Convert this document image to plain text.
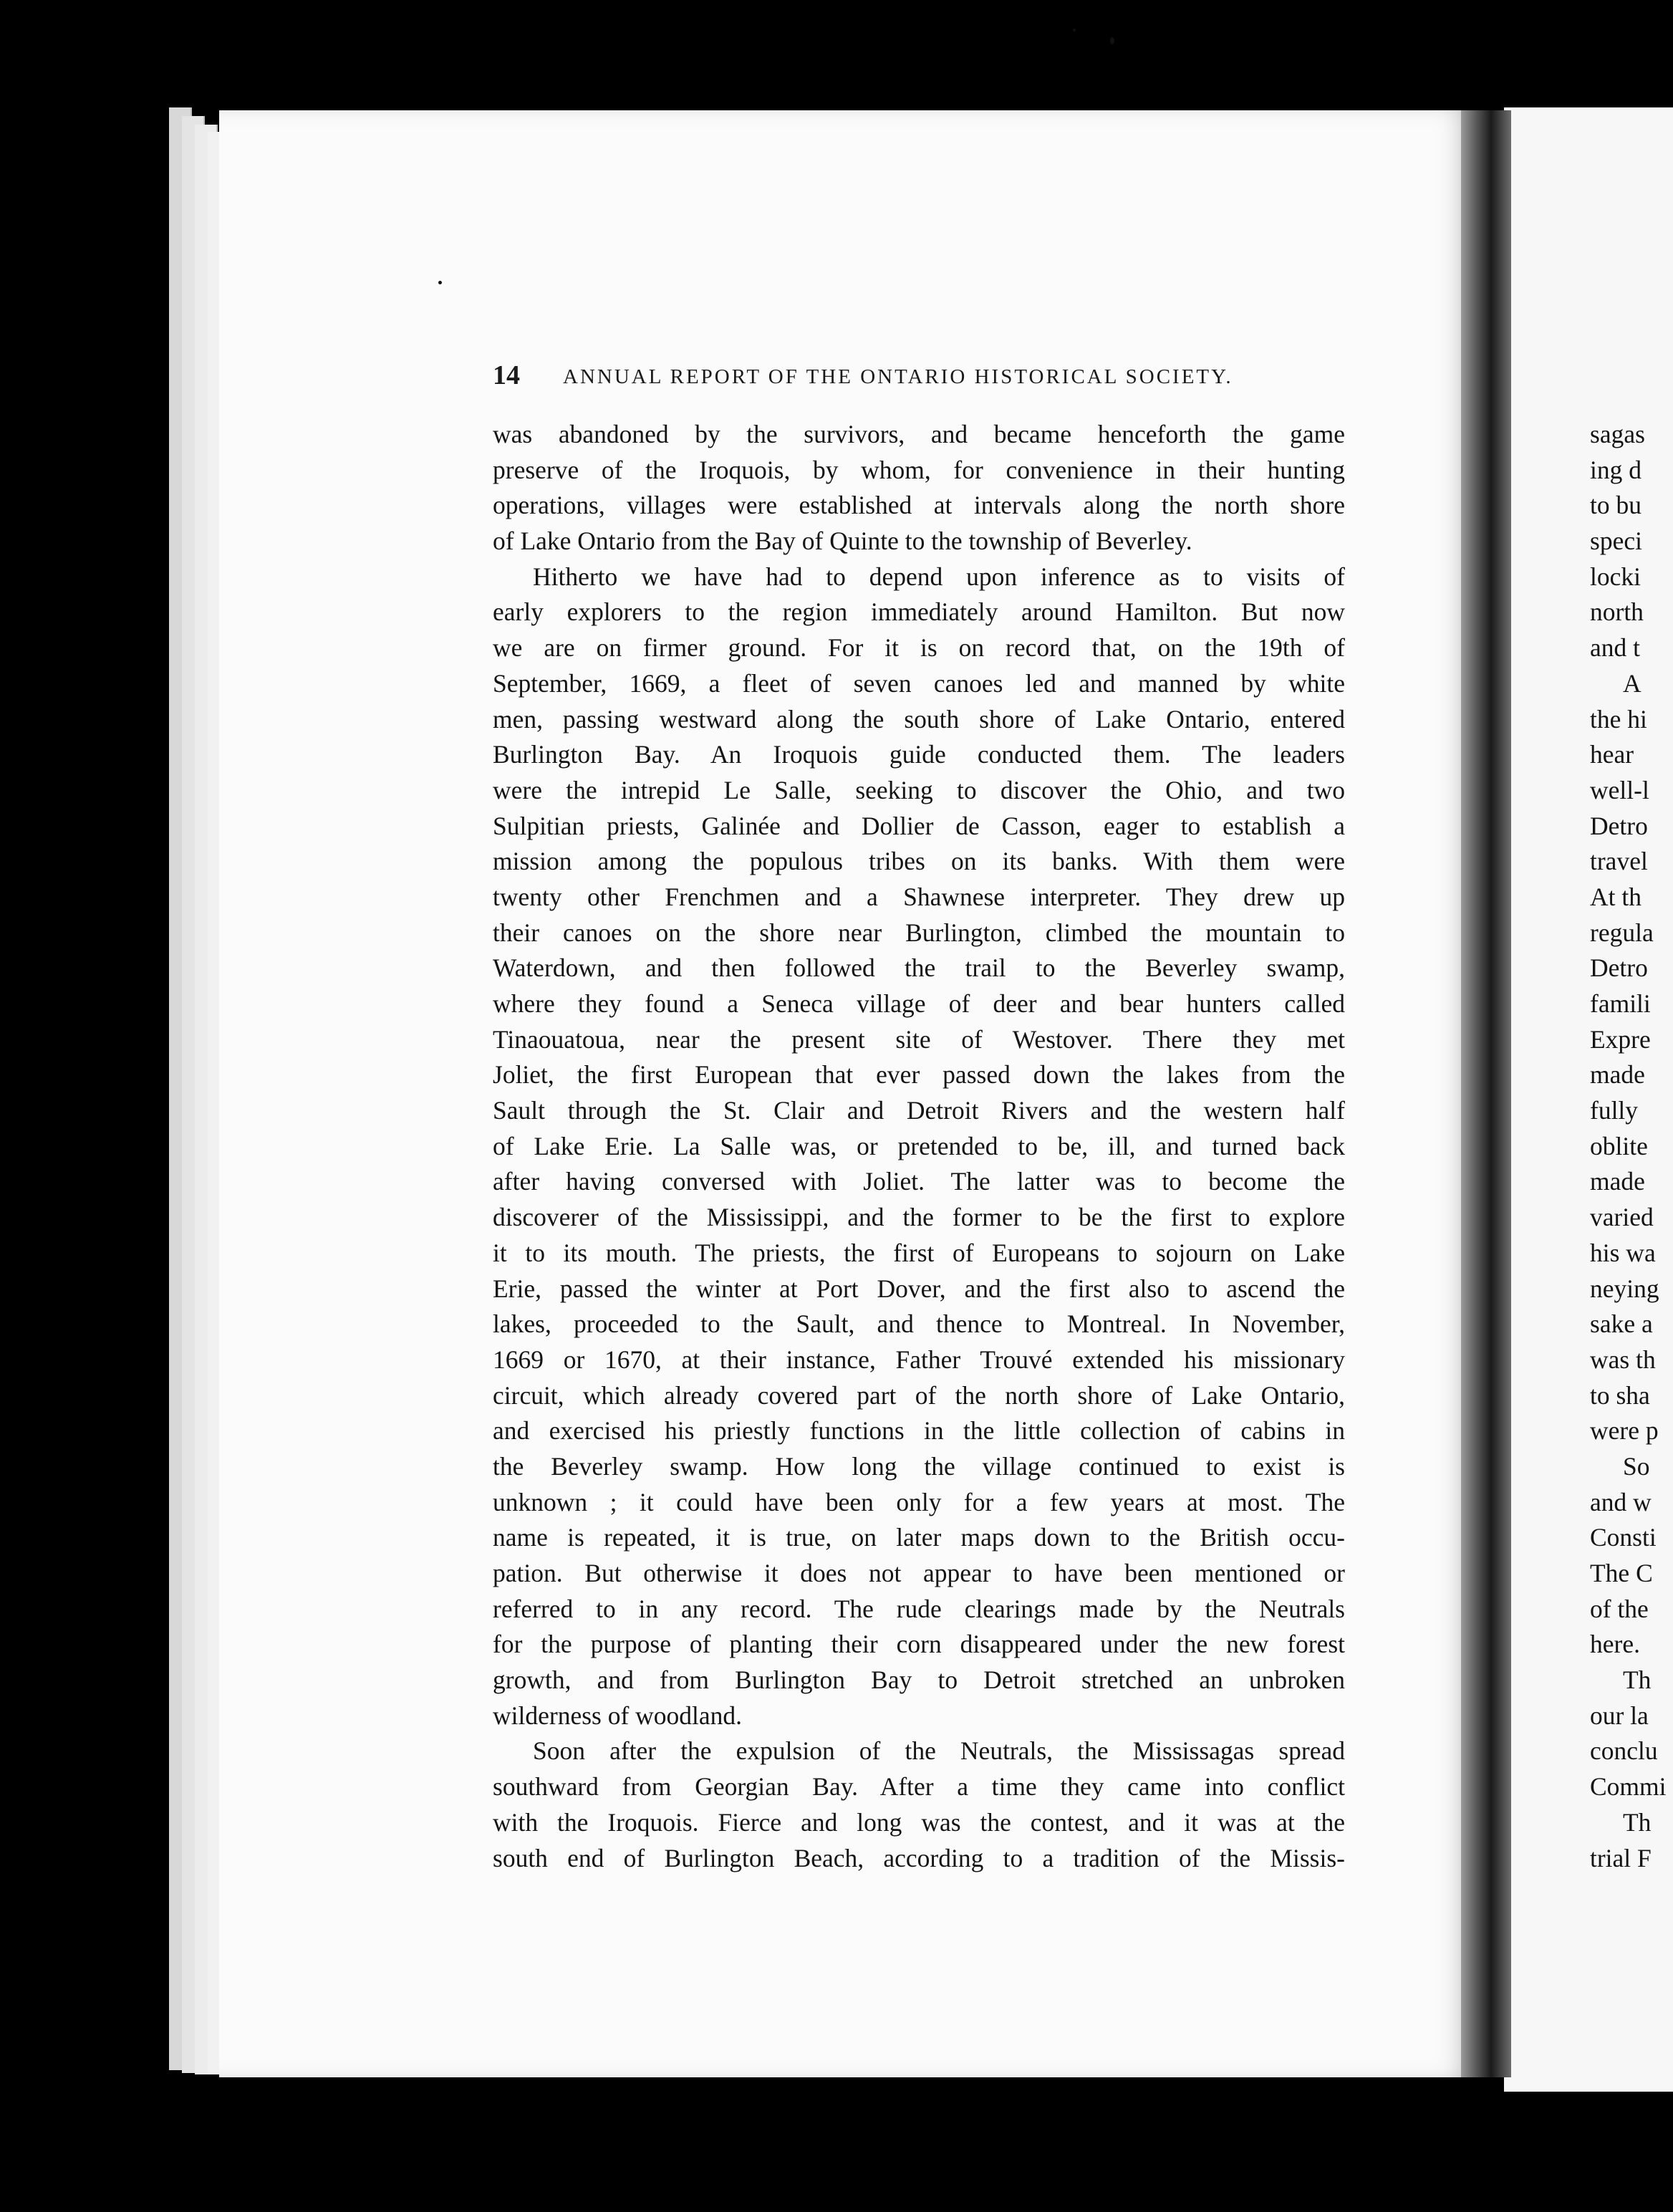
14 ANNUAL REPORT OF THE ONTARIO HISTORICAL SOCIETY.
was abandoned by the survivors, and became henceforth the game
preserve of the Iroquois, by whom, for convenience in their hunting
operations, villages were established at intervals along the north shore
of Lake Ontario from the Bay of Quinte to the township of Beverley.
Hitherto we have had to depend upon inference as to visits of
early explorers to the region immediately around Hamilton. But now
we are on firmer ground. For it is on record that, on the 19th of
September, 1669, a fleet of seven canoes led and manned by white
men, passing westward along the south shore of Lake Ontario, entered
Burlington Bay. An Iroquois guide conducted them. The leaders
were the intrepid Le Salle, seeking to discover the Ohio, and two
Sulpitian priests, Galinée and Dollier de Casson, eager to establish a
mission among the populous tribes on its banks. With them were
twenty other Frenchmen and a Shawnese interpreter. They drew up
their canoes on the shore near Burlington, climbed the mountain to
Waterdown, and then followed the trail to the Beverley swamp,
where they found a Seneca village of deer and bear hunters called
Tinaouatoua, near the present site of Westover. There they met
Joliet, the first European that ever passed down the lakes from the
Sault through the St. Clair and Detroit Rivers and the western half
of Lake Erie. La Salle was, or pretended to be, ill, and turned back
after having conversed with Joliet. The latter was to become the
discoverer of the Mississippi, and the former to be the first to explore
it to its mouth. The priests, the first of Europeans to sojourn on Lake
Erie, passed the winter at Port Dover, and the first also to ascend the
lakes, proceeded to the Sault, and thence to Montreal. In November,
1669 or 1670, at their instance, Father Trouvé extended his missionary
circuit, which already covered part of the north shore of Lake Ontario,
and exercised his priestly functions in the little collection of cabins in
the Beverley swamp. How long the village continued to exist is
unknown ; it could have been only for a few years at most. The
name is repeated, it is true, on later maps down to the British occu-
pation. But otherwise it does not appear to have been mentioned or
referred to in any record. The rude clearings made by the Neutrals
for the purpose of planting their corn disappeared under the new forest
growth, and from Burlington Bay to Detroit stretched an unbroken
wilderness of woodland.
Soon after the expulsion of the Neutrals, the Mississagas spread
southward from Georgian Bay. After a time they came into conflict
with the Iroquois. Fierce and long was the contest, and it was at the
south end of Burlington Beach, according to a tradition of the Missis-
sagas
ing d
to bu
speci
locki
north
and t
A
the hi
hear
well-l
Detro
travel
At th
regula
Detro
famili
Expre
made
fully
oblite
made
varied
his wa
neying
sake a
was th
to sha
were p
So
and w
Consti
The C
of the
here.
Th
our la
conclu
Commi
Th
trial F
